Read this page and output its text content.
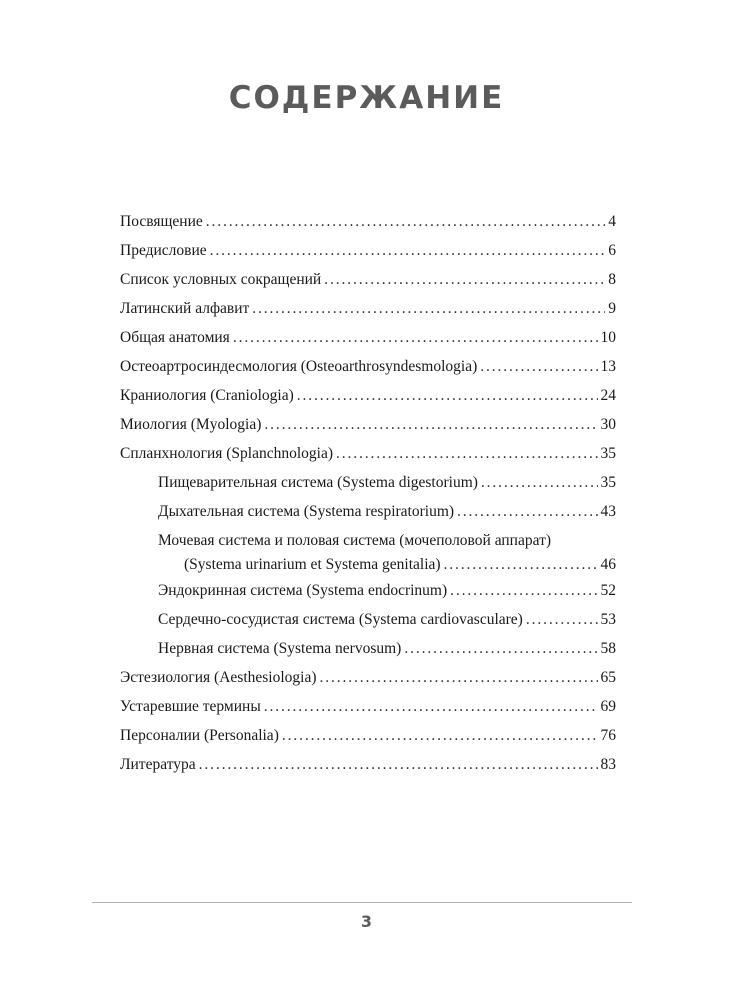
СОДЕРЖАНИЕ
Посвящение . . .	4
Предисловие . . .	6
Список условных сокращений . . .	8
Латинский алфавит . . .	9
Общая анатомия . . .	10
Остеоартросиндесмология (Osteoarthrosyndesmologia) . . .	13
Краниология (Craniologia) . . .	24
Миология (Myologia) . . .	30
Спланхнология (Splanchnologia) . . .	35
Пищеварительная система (Systema digestorium) . . .	35
Дыхательная система (Systema respiratorium) . . .	43
Мочевая система и половая система (мочеполовой аппарат)
(Systema urinarium et Systema genitalia) . . .	46
Эндокринная система (Systema endocrinum) . . .	52
Сердечно-сосудистая система (Systema cardiovasculare) . . .	53
Нервная система (Systema nervosum) . . .	58
Эстезиология (Aesthesiologia) . . .	65
Устаревшие термины . . .	69
Персоналии (Personalia) . . .	76
Литература . . .	83
3
